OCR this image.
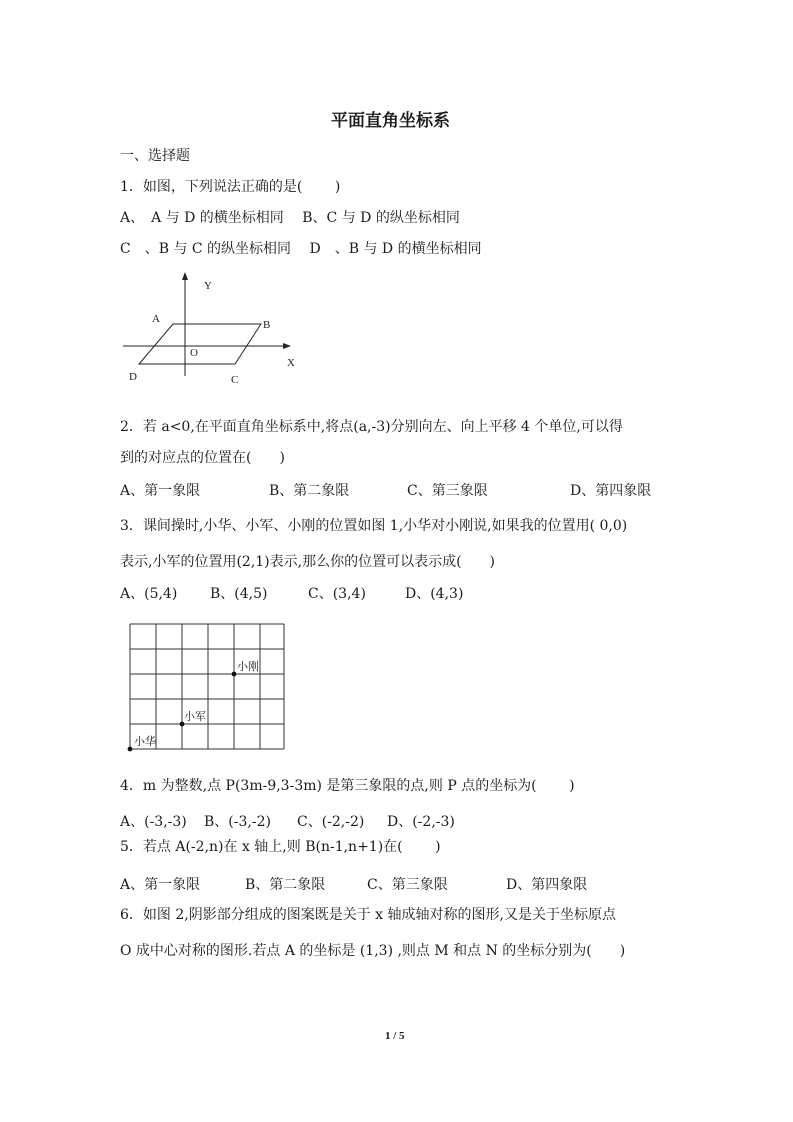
平面直角坐标系
一、选择题
1．如图，下列说法正确的是(　　 )
A、　A 与 D 的横坐标相同　 B、C 与 D 的纵坐标相同
C　、B 与 C 的纵坐标相同　 D　、B 与 D 的横坐标相同
Y
X
O
A	B
C
D
2．若 a<0,在平面直角坐标系中,将点(a,-3)分别向左、向上平移 4 个单位,可以得
到的对应点的位置在(　　)
A、第一象限	B、第二象限	C、第三象限	D、第四象限
3．课间操时,小华、小军、小刚的位置如图 1,小华对小刚说,如果我的位置用( 0,0)
表示,小军的位置用(2,1)表示,那么你的位置可以表示成(　　)
A、(5,4) B、(4,5)	C、(3,4)	D、(4,3)
小刚
小军
小华
4．m 为整数,点 P(3m-9,3-3m) 是第三象限的点,则 P 点的坐标为(　　 )
A、(-3,-3) B、(-3,-2) C、(-2,-2) D、(-2,-3)
5．若点 A(-2,n)在 x 轴上,则 B(n-1,n+1)在(　　 )
A、第一象限	B、第二象限	C、第三象限	D、第四象限
6．如图 2,阴影部分组成的图案既是关于 x 轴成轴对称的图形,又是关于坐标原点
O 成中心对称的图形.若点 A 的坐标是 (1,3) ,则点 M 和点 N 的坐标分别为(　　)
1 / 5
